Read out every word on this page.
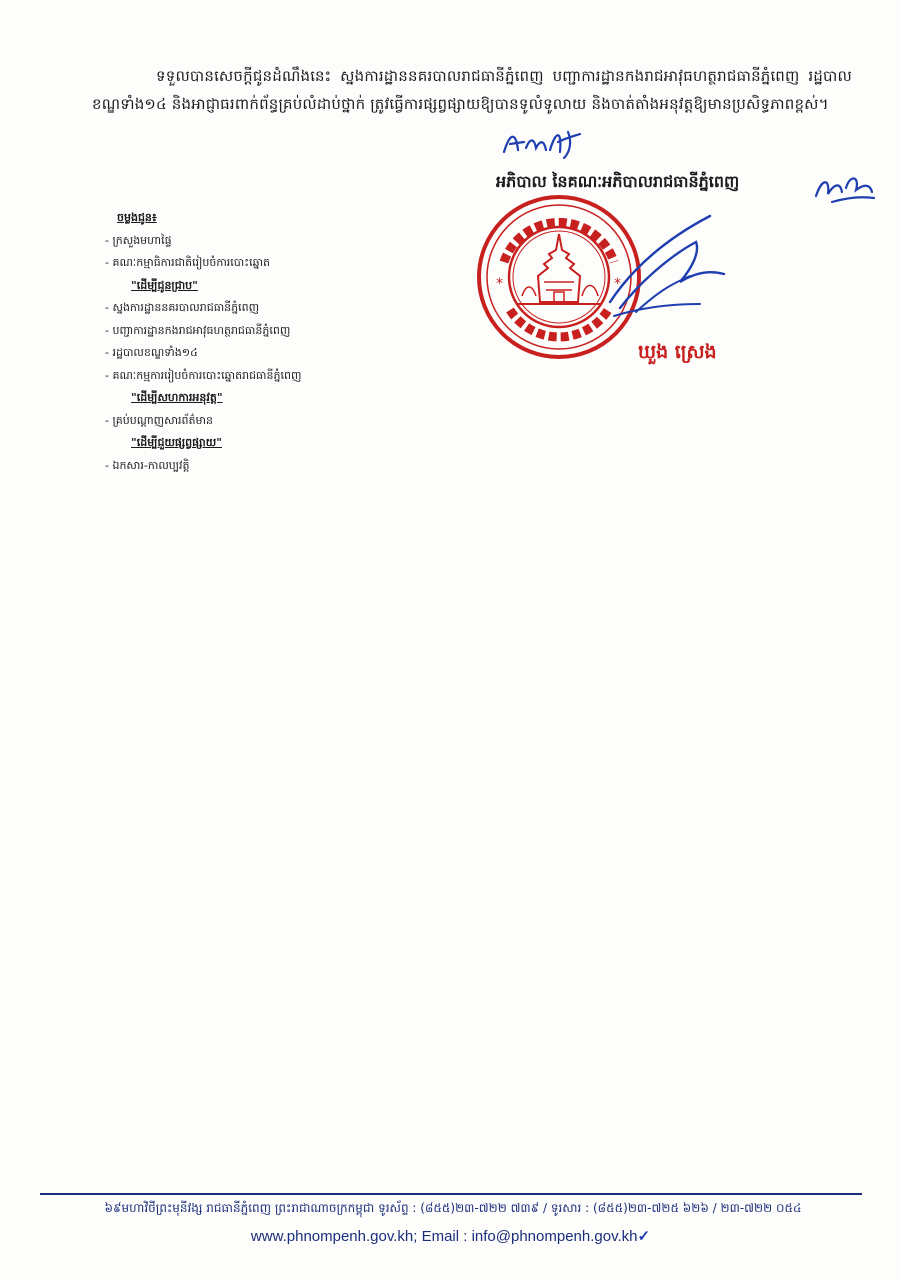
ទទួលបានសេចក្តីជូនដំណឹងនេះ ស្នងការដ្ឋាននគរបាលរាជធានីភ្នំពេញ បញ្ជាការដ្ឋានកងរាជអាវុធហត្ថរាជធានីភ្នំពេញ រដ្ឋបាលខណ្ឌទាំង១៤ និងអាជ្ញាធរពាក់ព័ន្ធគ្រប់លំដាប់ថ្នាក់ ត្រូវធ្វើការផ្សព្វផ្សាយឱ្យបានទូលំទូលាយ និងចាត់តាំងអនុវត្តឱ្យមានប្រសិទ្ធភាពខ្ពស់។

អភិបាល នៃគណៈអភិបាលរាជធានីភ្នំពេញ
*	*
ឃួង ស្រេង
ចម្លងជូន៖
- ក្រសួងមហាផ្ទៃ
- គណៈកម្មាធិការជាតិរៀបចំការបោះឆ្នោត
"ដើម្បីជូនជ្រាប"
- ស្នងការដ្ឋាននគរបាលរាជធានីភ្នំពេញ
- បញ្ជាការដ្ឋានកងរាជអាវុធហត្ថរាជធានីភ្នំពេញ
- រដ្ឋបាលខណ្ឌទាំង១៤
- គណៈកម្មការរៀបចំការបោះឆ្នោតរាជធានីភ្នំពេញ
"ដើម្បីសហការអនុវត្ត"
- គ្រប់បណ្តាញសារព័ត៌មាន
"ដើម្បីជួយផ្សព្វផ្សាយ"
- ឯកសារ-កាលប្បវត្តិ
៦៩មហាវិថីព្រះមុនីវង្ស រាជធានីភ្នំពេញ ព្រះរាជាណាចក្រកម្ពុជា ទូរស័ព្ទ : (៨៥៥)២៣-៧២២ ៧៣៩ / ទូរសារ : (៨៥៥)២៣-៧២៥ ៦២៦ / ២៣-៧២២ ០៥៤
www.phnompenh.gov.kh; Email : info@phnompenh.gov.kh✓
